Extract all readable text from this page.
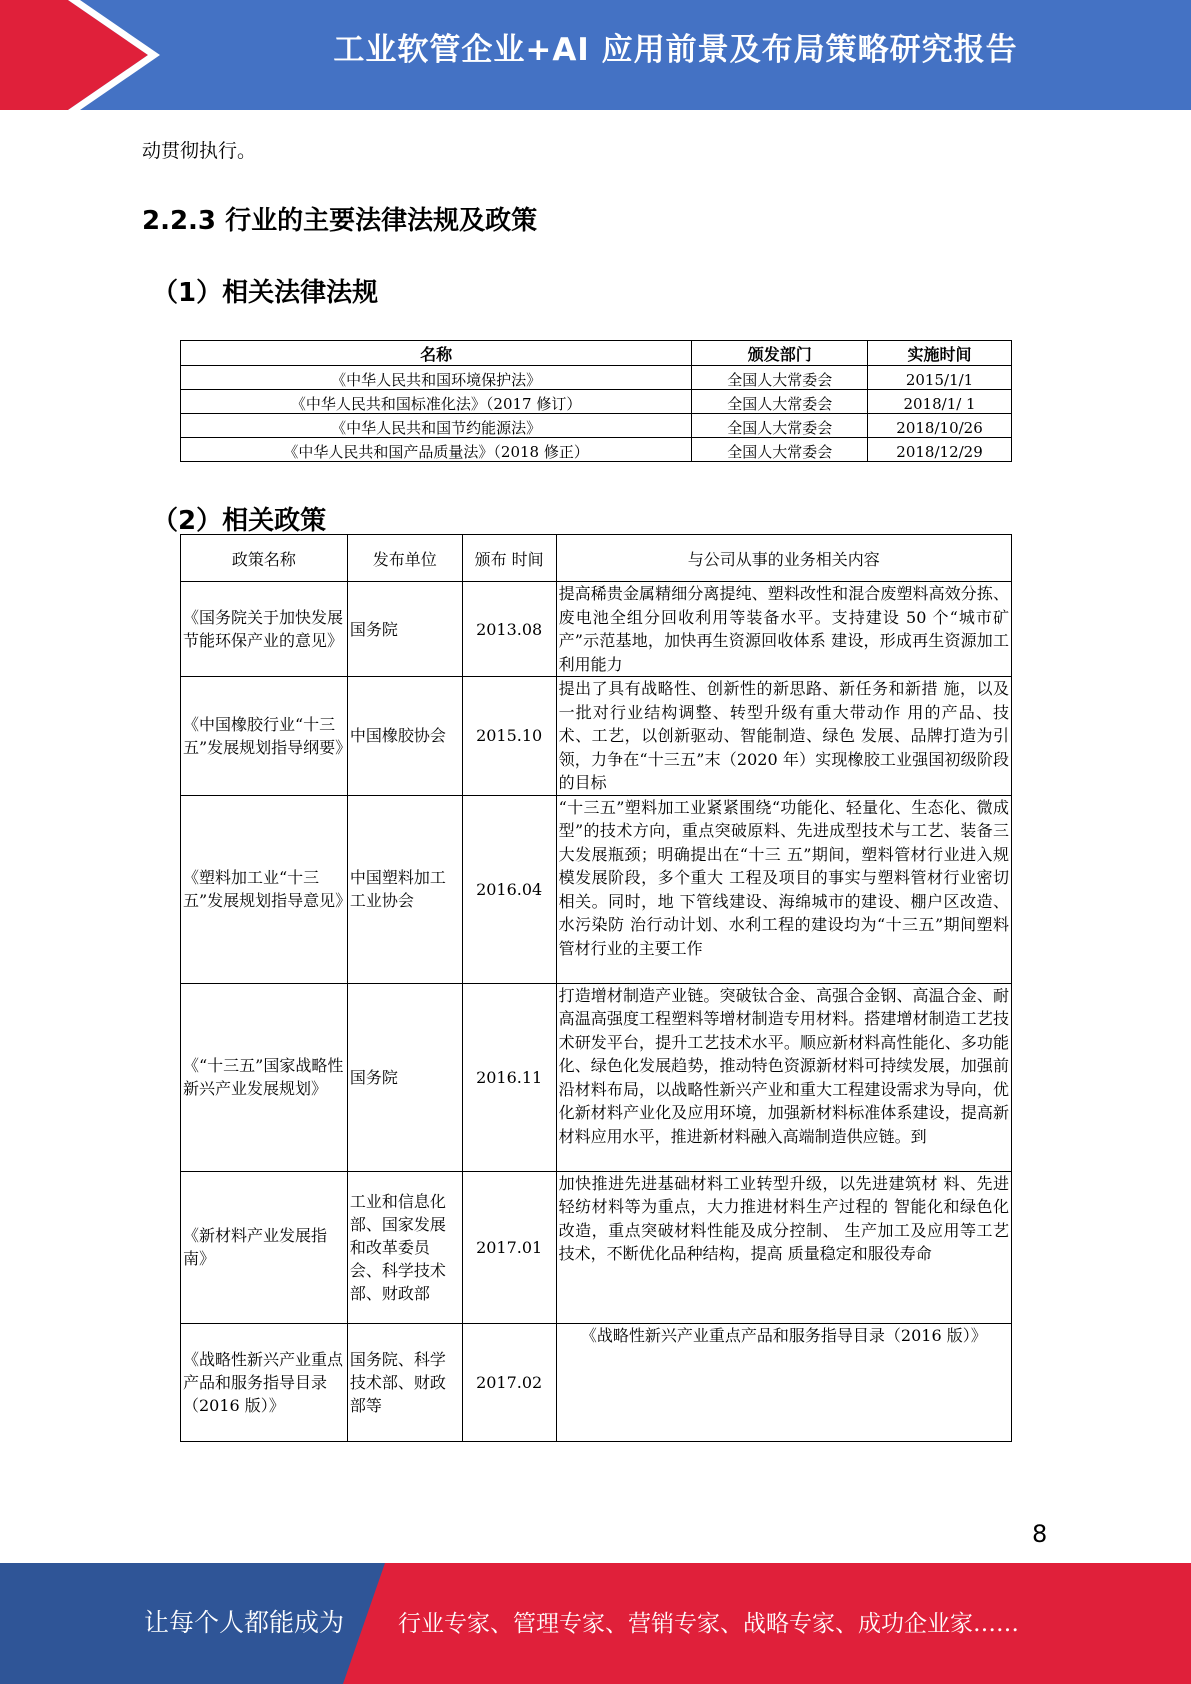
工业软管企业+AI 应用前景及布局策略研究报告
动贯彻执行。
2.2.3 行业的主要法律法规及政策
（1）相关法律法规
名称	颁发部门	实施时间
《中华人民共和国环境保护法》	全国人大常委会	2015/1/1
《中华人民共和国标准化法》（2017 修订）	全国人大常委会	2018/1/ 1
《中华人民共和国节约能源法》	全国人大常委会	2018/10/26
《中华人民共和国产品质量法》（2018 修正）	全国人大常委会	2018/12/29
（2）相关政策
政策名称	发布单位	颁布 时间	与公司从事的业务相关内容
《国务院关于加快发展节能环保产业的意见》	国务院	2013.08	提高稀贵金属精细分离提纯、塑料改性和混合废塑料高效分拣、废电池全组分回收利用等装备水平。支持建设 50 个“城市矿产”示范基地，加快再生资源回收体系 建设，形成再生资源加工利用能力
《中国橡胶行业“十三五”发展规划指导纲要》	中国橡胶协会	2015.10	提出了具有战略性、创新性的新思路、新任务和新措 施，以及一批对行业结构调整、转型升级有重大带动作 用的产品、技术、工艺，以创新驱动、智能制造、绿色 发展、品牌打造为引领，力争在“十三五”末（2020 年）实现橡胶工业强国初级阶段的目标
《塑料加工业“十三五”发展规划指导意见》	中国塑料加工工业协会	2016.04	“十三五”塑料加工业紧紧围绕“功能化、轻量化、生态化、微成型”的技术方向，重点突破原料、先进成型技术与工艺、装备三大发展瓶颈；明确提出在“十三 五”期间，塑料管材行业进入规模发展阶段，多个重大 工程及项目的事实与塑料管材行业密切相关。同时，地 下管线建设、海绵城市的建设、棚户区改造、水污染防 治行动计划、水利工程的建设均为“十三五”期间塑料 管材行业的主要工作
《“十三五”国家战略性新兴产业发展规划》	国务院	2016.11	打造增材制造产业链。突破钛合金、高强合金钢、高温合金、耐高温高强度工程塑料等增材制造专用材料。搭建增材制造工艺技术研发平台，提升工艺技术水平。顺应新材料高性能化、多功能化、绿色化发展趋势，推动特色资源新材料可持续发展，加强前沿材料布局，以战略性新兴产业和重大工程建设需求为导向，优化新材料产业化及应用环境，加强新材料标准体系建设，提高新材料应用水平，推进新材料融入高端制造供应链。到
《新材料产业发展指南》	工业和信息化部、国家发展和改革委员会、科学技术部、财政部	2017.01	加快推进先进基础材料工业转型升级，以先进建筑材 料、先进轻纺材料等为重点，大力推进材料生产过程的 智能化和绿色化改造，重点突破材料性能及成分控制、 生产加工及应用等工艺技术，不断优化品种结构，提高 质量稳定和服役寿命
《战略性新兴产业重点产品和服务指导目录（2016 版）》	国务院、科学技术部、财政部等	2017.02	《战略性新兴产业重点产品和服务指导目录（2016 版）》
8
让每个人都能成为 行业专家、管理专家、营销专家、战略专家、成功企业家……
